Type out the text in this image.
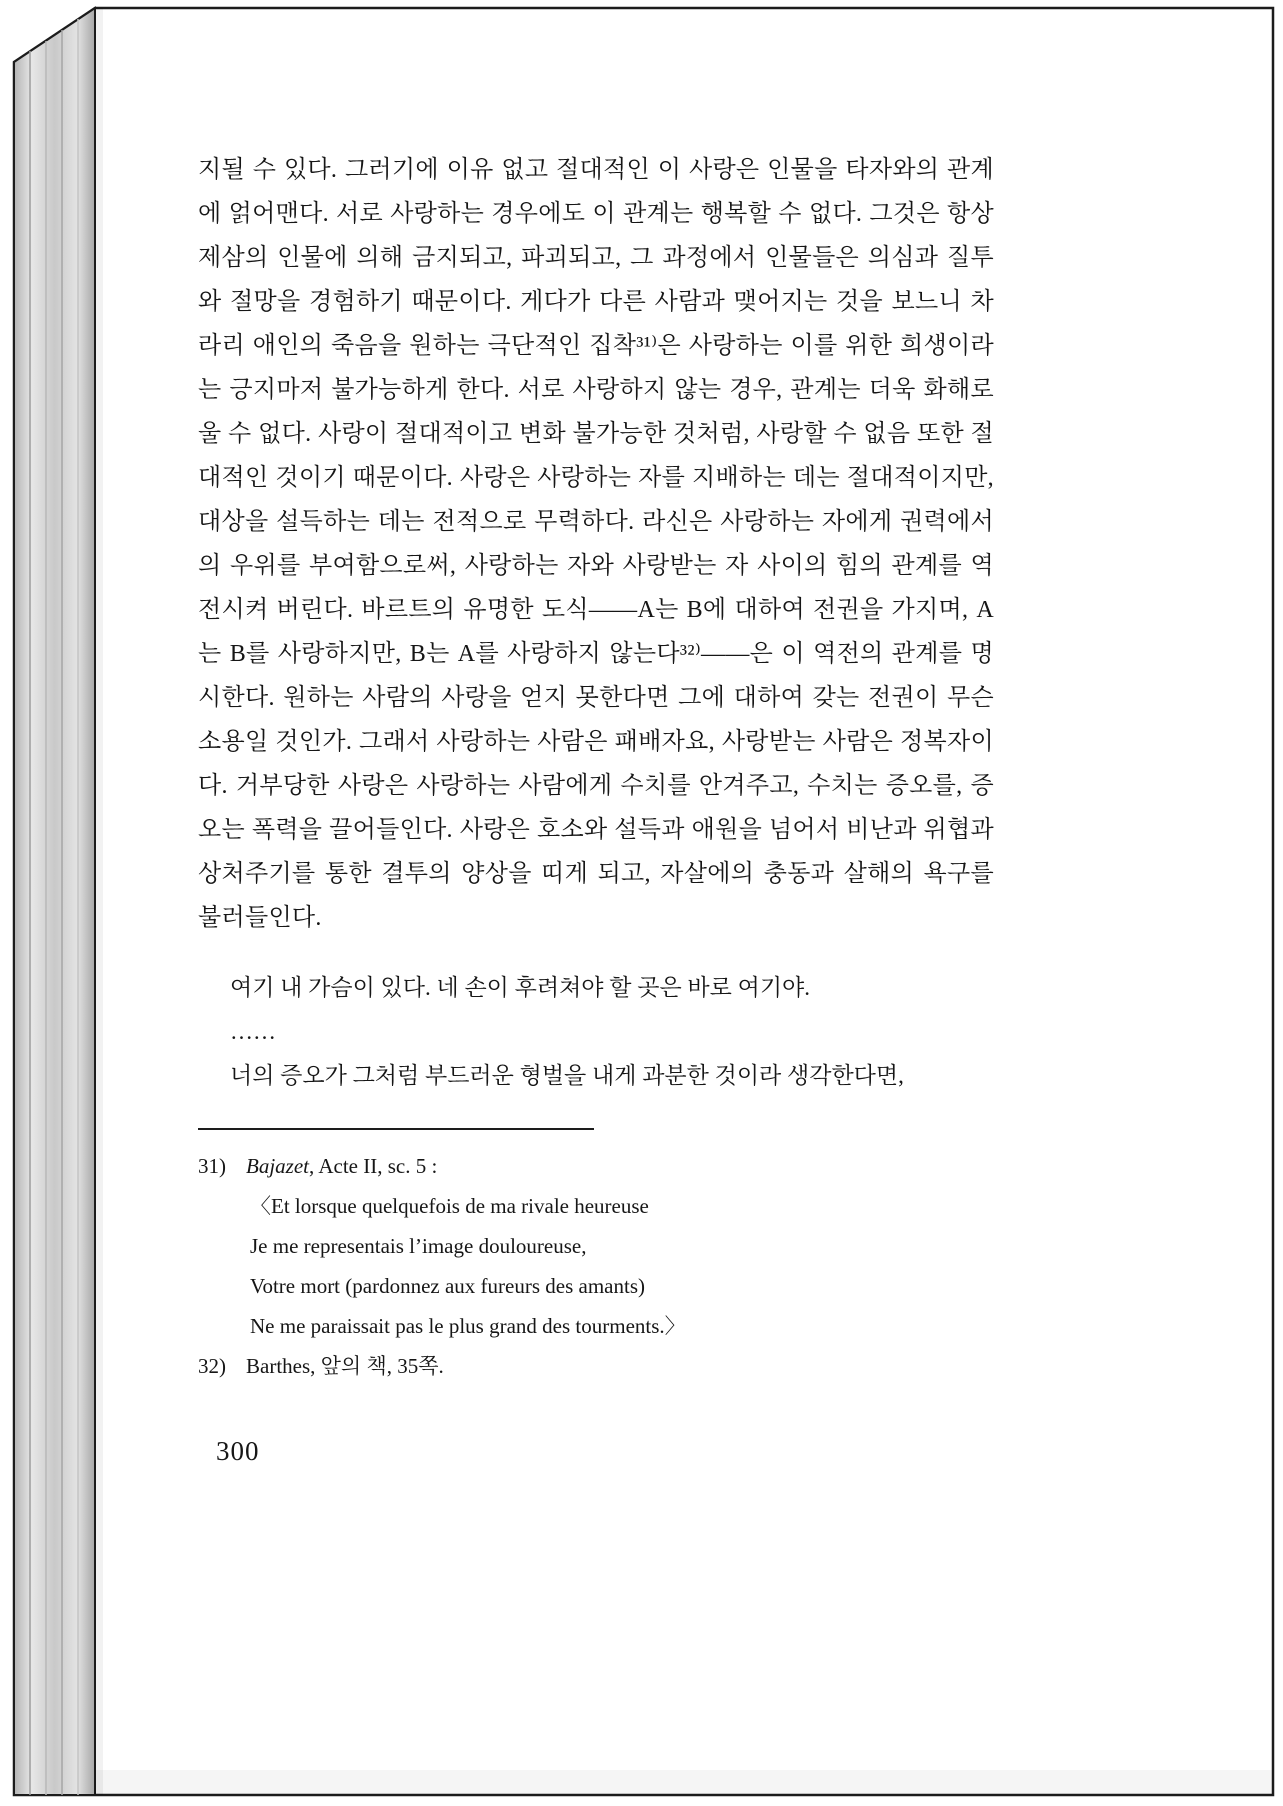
지될 수 있다. 그러기에 이유 없고 절대적인 이 사랑은 인물을 타자와의 관계에 얽어맨다. 서로 사랑하는 경우에도 이 관계는 행복할 수 없다. 그것은 항상 제삼의 인물에 의해 금지되고, 파괴되고, 그 과정에서 인물들은 의심과 질투와 절망을 경험하기 때문이다. 게다가 다른 사람과 맺어지는 것을 보느니 차라리 애인의 죽음을 원하는 극단적인 집착³¹⁾은 사랑하는 이를 위한 희생이라는 긍지마저 불가능하게 한다. 서로 사랑하지 않는 경우, 관계는 더욱 화해로울 수 없다. 사랑이 절대적이고 변화 불가능한 것처럼, 사랑할 수 없음 또한 절대적인 것이기 때문이다. 사랑은 사랑하는 자를 지배하는 데는 절대적이지만, 대상을 설득하는 데는 전적으로 무력하다. 라신은 사랑하는 자에게 권력에서의 우위를 부여함으로써, 사랑하는 자와 사랑받는 자 사이의 힘의 관계를 역전시켜 버린다. 바르트의 유명한 도식——A는 B에 대하여 전권을 가지며, A는 B를 사랑하지만, B는 A를 사랑하지 않는다³²⁾——은 이 역전의 관계를 명시한다. 원하는 사람의 사랑을 얻지 못한다면 그에 대하여 갖는 전권이 무슨 소용일 것인가. 그래서 사랑하는 사람은 패배자요, 사랑받는 사람은 정복자이다. 거부당한 사랑은 사랑하는 사람에게 수치를 안겨주고, 수치는 증오를, 증오는 폭력을 끌어들인다. 사랑은 호소와 설득과 애원을 넘어서 비난과 위협과 상처주기를 통한 결투의 양상을 띠게 되고, 자살에의 충동과 살해의 욕구를 불러들인다.

여기 내 가슴이 있다. 네 손이 후려쳐야 할 곳은 바로 여기야.
……
너의 증오가 그처럼 부드러운 형벌을 내게 과분한 것이라 생각한다면,
31) Bajazet, Acte II, sc. 5 :
〈Et lorsque quelquefois de ma rivale heureuse
Je me representais l’image douloureuse,
Votre mort (pardonnez aux fureurs des amants)
Ne me paraissait pas le plus grand des tourments.〉
32) Barthes, 앞의 책, 35쪽.
300
